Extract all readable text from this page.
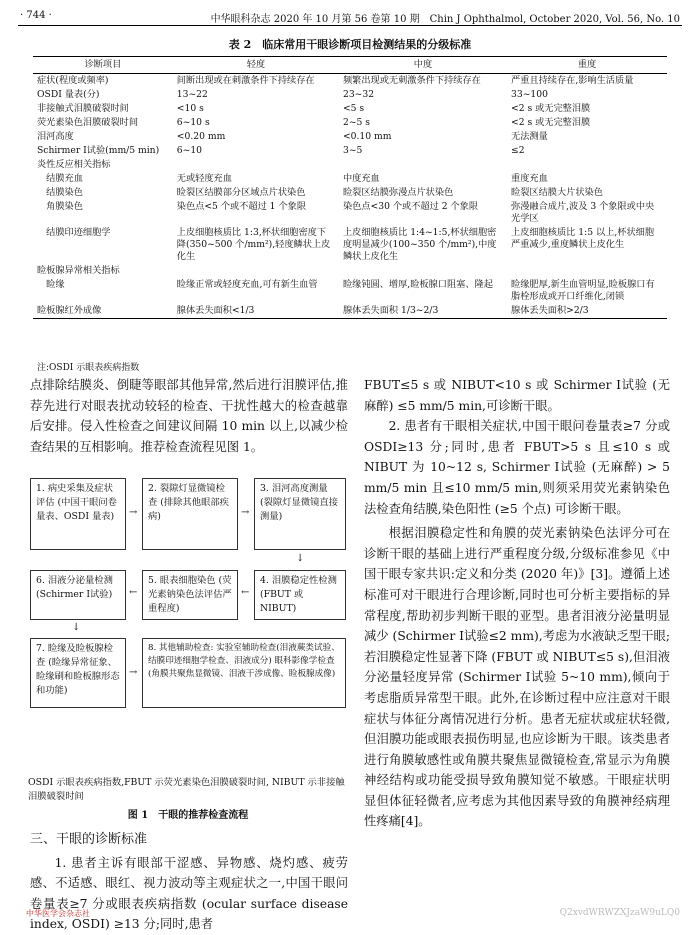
· 744 ·	中华眼科杂志 2020 年 10 月第 56 卷第 10 期　Chin J Ophthalmol, October 2020, Vol. 56, No. 10
表 2　临床常用干眼诊断项目检测结果的分级标准
诊断项目	轻度	中度	重度
症状(程度或频率)	间断出现或在刺激条件下持续存在	频繁出现或无刺激条件下持续存在	严重且持续存在,影响生活质量
OSDI 量表(分)	13~22	23~32	33~100
非接触式泪膜破裂时间	<10 s	<5 s	<2 s 或无完整泪膜
荧光素染色泪膜破裂时间	6~10 s	2~5 s	<2 s 或无完整泪膜
泪河高度	<0.20 mm	<0.10 mm	无法测量
Schirmer Ⅰ试验(mm/5 min)	6~10	3~5	≤2
炎性反应相关指标			
　结膜充血	无或轻度充血	中度充血	重度充血
　结膜染色	睑裂区结膜部分区域点片状染色	睑裂区结膜弥漫点片状染色	睑裂区结膜大片状染色
　角膜染色	染色点<5 个或不超过 1 个象限	染色点<30 个或不超过 2 个象限	弥漫融合成片,波及 3 个象限或中央光学区
　结膜印迹细胞学	上皮细胞核质比 1:3,杯状细胞密度下降(350~500 个/mm²),轻度鳞状上皮化生	上皮细胞核质比 1:4~1:5,杯状细胞密度明显减少(100~350 个/mm²),中度鳞状上皮化生	上皮细胞核质比 1:5 以上,杯状细胞严重减少,重度鳞状上皮化生
睑板腺异常相关指标			
　睑缘	睑缘正常或轻度充血,可有新生血管	睑缘钝圆、增厚,睑板腺口阻塞、隆起	睑缘肥厚,新生血管明显,睑板腺口有脂栓形成或开口纤维化,闭锁
睑板腺红外成像	腺体丢失面积<1/3	腺体丢失面积 1/3~2/3	腺体丢失面积>2/3
注:OSDI 示眼表疾病指数

点排除结膜炎、倒睫等眼部其他异常,然后进行泪膜评估,推荐先进行对眼表扰动较轻的检查、干扰性越大的检查越靠后安排。侵入性检查之间建议间隔 10 min 以上,以减少检查结果的互相影响。推荐检查流程见图 1。

1. 病史采集及症状评估 (中国干眼问卷量表、OSDI 量表)	→
2. 裂隙灯显微镜检查 (排除其他眼部疾病)	→
3. 泪河高度测量 (裂隙灯显微镜直接测量)
↓
6. 泪液分泌量检测 (Schirmer Ⅰ试验)	←
5. 眼表细胞染色 (荧光素钠染色法评估严重程度)
←
4. 泪膜稳定性检测 (FBUT 或 NIBUT)
↓
7. 睑缘及睑板腺检查 (睑缘异常征象、睑缘刷和睑板腺形态和功能)
→
8. 其他辅助检查: 实验室辅助检查(泪液蕨类试验、结膜印迹细胞学检查、泪液成分) 眼科影像学检查(角膜共聚焦显微镜、泪液干涉成像、睑板腺成像)
OSDI 示眼表疾病指数,FBUT 示荧光素染色泪膜破裂时间, NIBUT 示非接触泪膜破裂时间
图 1　干眼的推荐检查流程

三、干眼的诊断标准

1. 患者主诉有眼部干涩感、异物感、烧灼感、疲劳感、不适感、眼红、视力波动等主观症状之一,中国干眼问卷量表≥7 分或眼表疾病指数 (ocular surface disease index, OSDI) ≥13 分;同时,患者

FBUT≤5 s 或 NIBUT<10 s 或 Schirmer Ⅰ试验 (无麻醉) ≤5 mm/5 min,可诊断干眼。

2. 患者有干眼相关症状,中国干眼问卷量表≥7 分或 OSDI≥13 分;同时,患者 FBUT>5 s 且≤10 s 或 NIBUT 为 10~12 s, Schirmer Ⅰ试验 (无麻醉) > 5 mm/5 min 且≤10 mm/5 min,则须采用荧光素钠染色法检查角结膜,染色阳性 (≥5 个点) 可诊断干眼。

根据泪膜稳定性和角膜的荧光素钠染色法评分可在诊断干眼的基础上进行严重程度分级,分级标准参见《中国干眼专家共识:定义和分类 (2020 年)》[3]。遵循上述标准可对干眼进行合理诊断,同时也可分析主要指标的异常程度,帮助初步判断干眼的亚型。患者泪液分泌量明显减少 (Schirmer Ⅰ试验≤2 mm),考虑为水液缺乏型干眼;若泪膜稳定性显著下降 (FBUT 或 NIBUT≤5 s),但泪液分泌量轻度异常 (Schirmer Ⅰ试验 5~10 mm),倾向于考虑脂质异常型干眼。此外,在诊断过程中应注意对干眼症状与体征分离情况进行分析。患者无症状或症状轻微,但泪膜功能或眼表损伤明显,也应诊断为干眼。该类患者进行角膜敏感性或角膜共聚焦显微镜检查,常显示为角膜神经结构或功能受损导致角膜知觉不敏感。干眼症状明显但体征轻微者,应考虑为其他因素导致的角膜神经病理性疼痛[4]。

中华医学会杂志社	Q2xvdWRWZXJzaW9uLQ0
